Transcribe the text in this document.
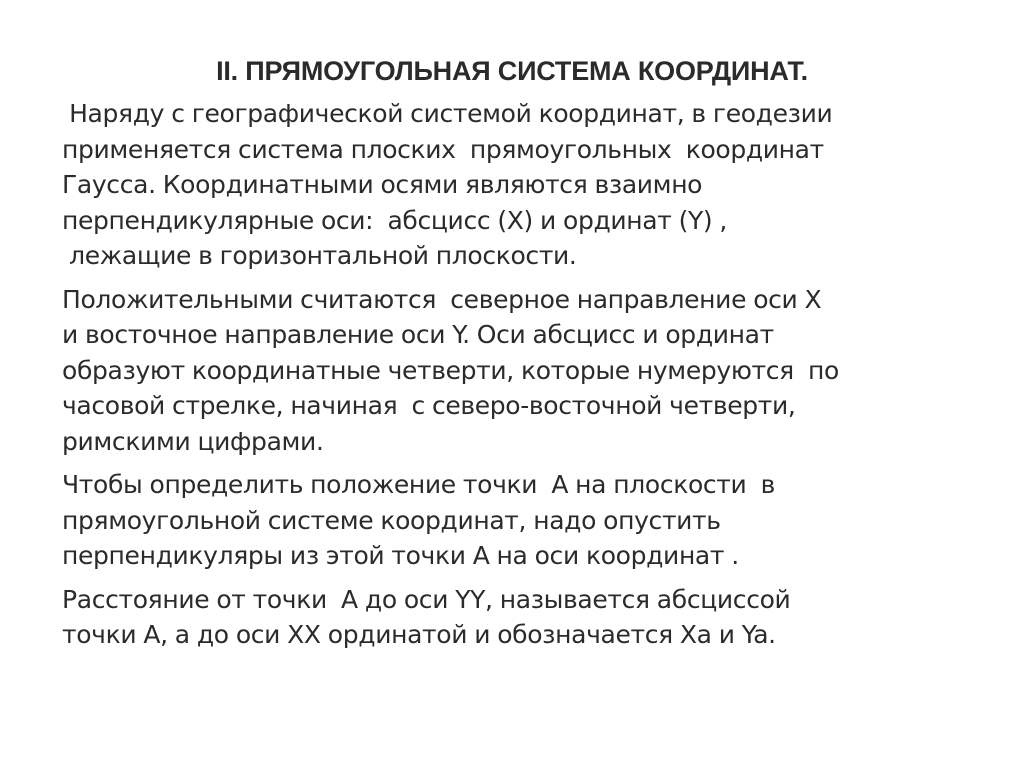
II. ПРЯМОУГОЛЬНАЯ СИСТЕМА КООРДИНАТ.

Наряду с географической системой координат, в геодезии
применяется система плоских  прямоугольных  координат
Гаусса. Координатными осями являются взаимно
перпендикулярные оси:  абсцисс (Х) и ординат (Y) ,
лежащие в горизонтальной плоскости.

Положительными считаются  северное направление оси Х
и восточное направление оси Y. Оси абсцисс и ординат
образуют координатные четверти, которые нумеруются  по
часовой стрелке, начиная  с северо-восточной четверти,
римскими цифрами.

Чтобы определить положение точки  А на плоскости  в
прямоугольной системе координат, надо опустить
перпендикуляры из этой точки А на оси координат .

Расстояние от точки  А до оси YY, называется абсциссой
точки А, а до оси ХХ ординатой и обозначается Ха и Ya.
